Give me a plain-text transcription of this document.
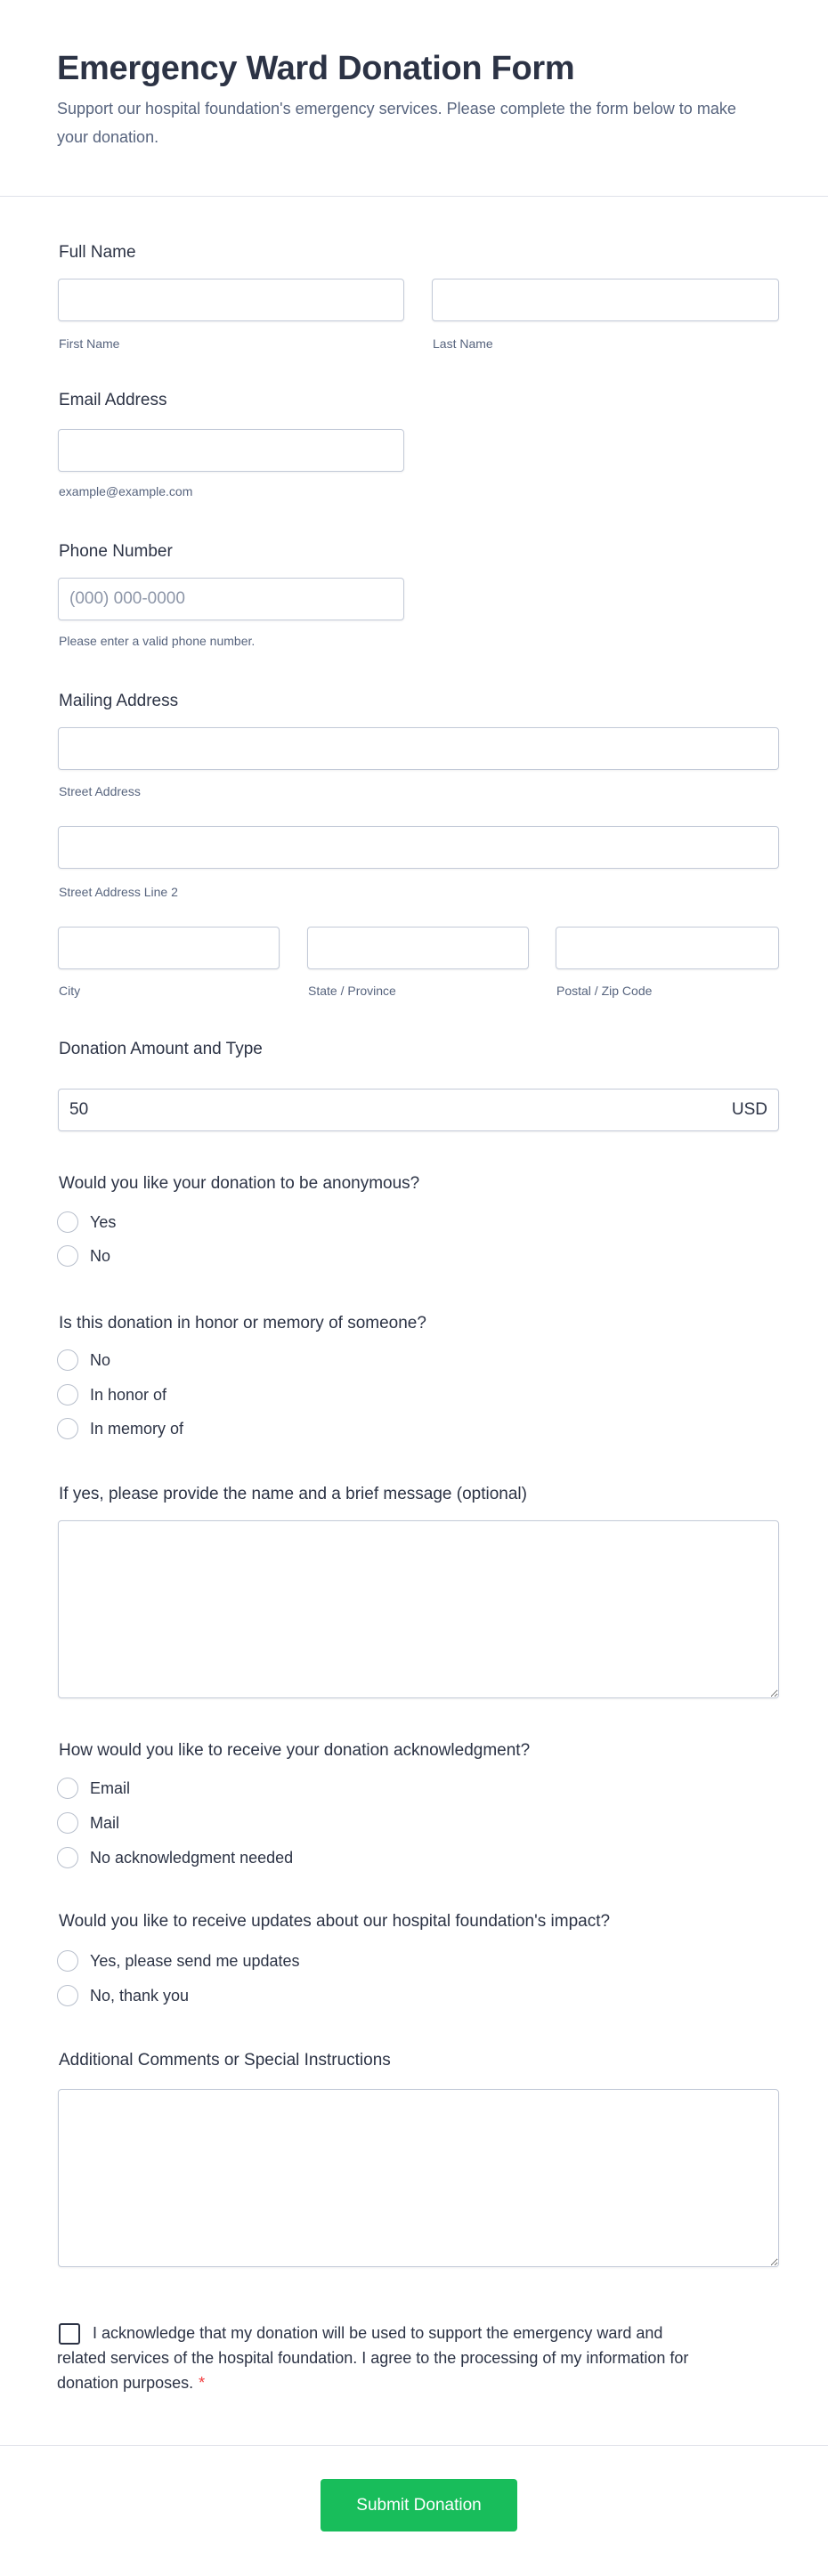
Emergency Ward Donation Form

Support our hospital foundation's emergency services. Please complete the form below to make your donation.

Full Name
First Name	Last Name
Email Address
example@example.com
Phone Number
(000) 000-0000
Please enter a valid phone number.
Mailing Address
Street Address
Street Address Line 2
City	State / Province	Postal / Zip Code
Donation Amount and Type
50	USD
Would you like your donation to be anonymous?
Yes
No
Is this donation in honor or memory of someone?
No
In honor of
In memory of
If yes, please provide the name and a brief message (optional)
How would you like to receive your donation acknowledgment?
Email
Mail
No acknowledgment needed
Would you like to receive updates about our hospital foundation's impact?
Yes, please send me updates
No, thank you
Additional Comments or Special Instructions
I acknowledge that my donation will be used to support the emergency ward and related services of the hospital foundation. I agree to the processing of my information for donation purposes. *
Submit Donation
